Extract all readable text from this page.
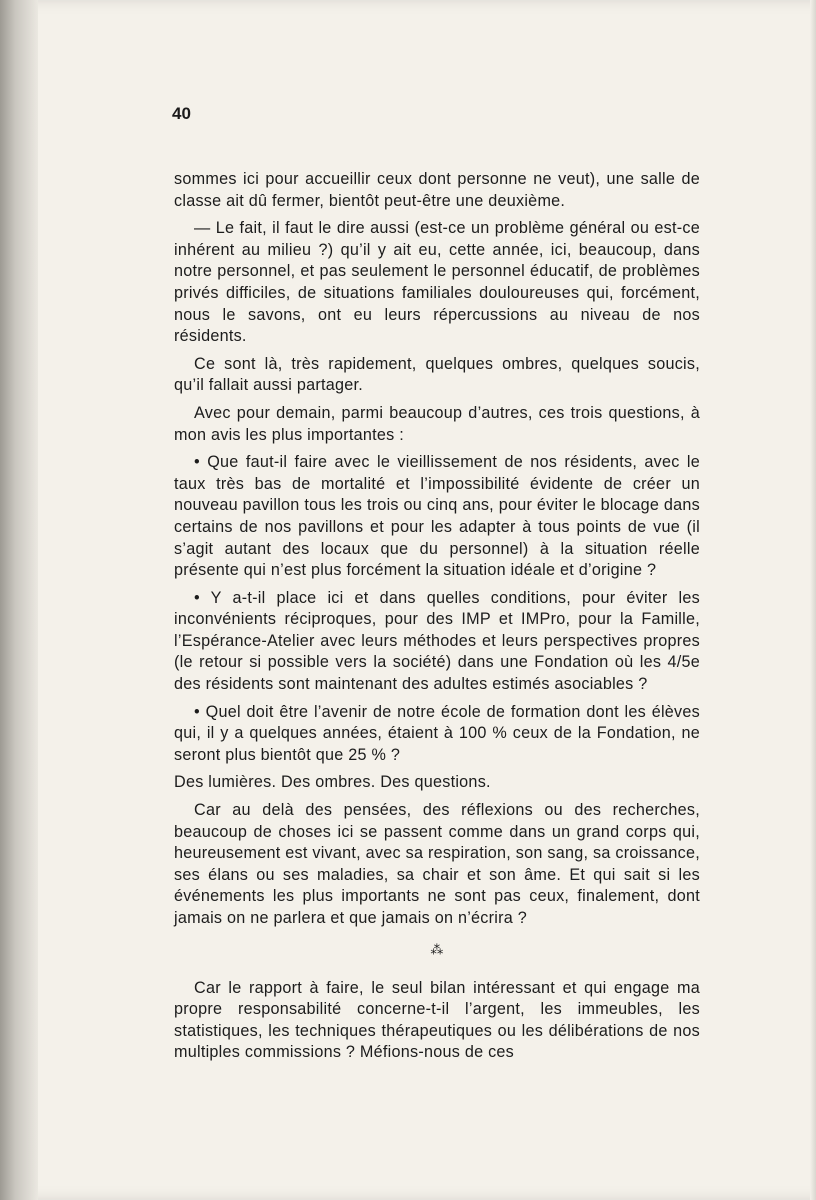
40

sommes ici pour accueillir ceux dont personne ne veut), une salle de classe ait dû fermer, bientôt peut-être une deuxième.

— Le fait, il faut le dire aussi (est-ce un problème général ou est-ce inhérent au milieu ?) qu’il y ait eu, cette année, ici, beaucoup, dans notre personnel, et pas seulement le personnel éducatif, de problèmes privés difficiles, de situations familiales douloureuses qui, forcément, nous le savons, ont eu leurs répercussions au niveau de nos résidents.

Ce sont là, très rapidement, quelques ombres, quelques soucis, qu’il fallait aussi partager.

Avec pour demain, parmi beaucoup d’autres, ces trois questions, à mon avis les plus importantes :

• Que faut-il faire avec le vieillissement de nos résidents, avec le taux très bas de mortalité et l’impossibilité évidente de créer un nouveau pavillon tous les trois ou cinq ans, pour éviter le blocage dans certains de nos pavillons et pour les adapter à tous points de vue (il s’agit autant des locaux que du personnel) à la situation réelle présente qui n’est plus forcément la situation idéale et d’origine ?

• Y a-t-il place ici et dans quelles conditions, pour éviter les inconvénients réciproques, pour des IMP et IMPro, pour la Famille, l’Espérance-Atelier avec leurs méthodes et leurs perspectives propres (le retour si possible vers la société) dans une Fondation où les 4/5e des résidents sont maintenant des adultes estimés asociables ?

• Quel doit être l’avenir de notre école de formation dont les élèves qui, il y a quelques années, étaient à 100 % ceux de la Fondation, ne seront plus bientôt que 25 % ?

Des lumières. Des ombres. Des questions.

Car au delà des pensées, des réflexions ou des recherches, beaucoup de choses ici se passent comme dans un grand corps qui, heureusement est vivant, avec sa respiration, son sang, sa croissance, ses élans ou ses maladies, sa chair et son âme. Et qui sait si les événements les plus importants ne sont pas ceux, finalement, dont jamais on ne parlera et que jamais on n’écrira ?

⁂

Car le rapport à faire, le seul bilan intéressant et qui engage ma propre responsabilité concerne-t-il l’argent, les immeubles, les statistiques, les techniques thérapeutiques ou les délibérations de nos multiples commissions ? Méfions-nous de ces
